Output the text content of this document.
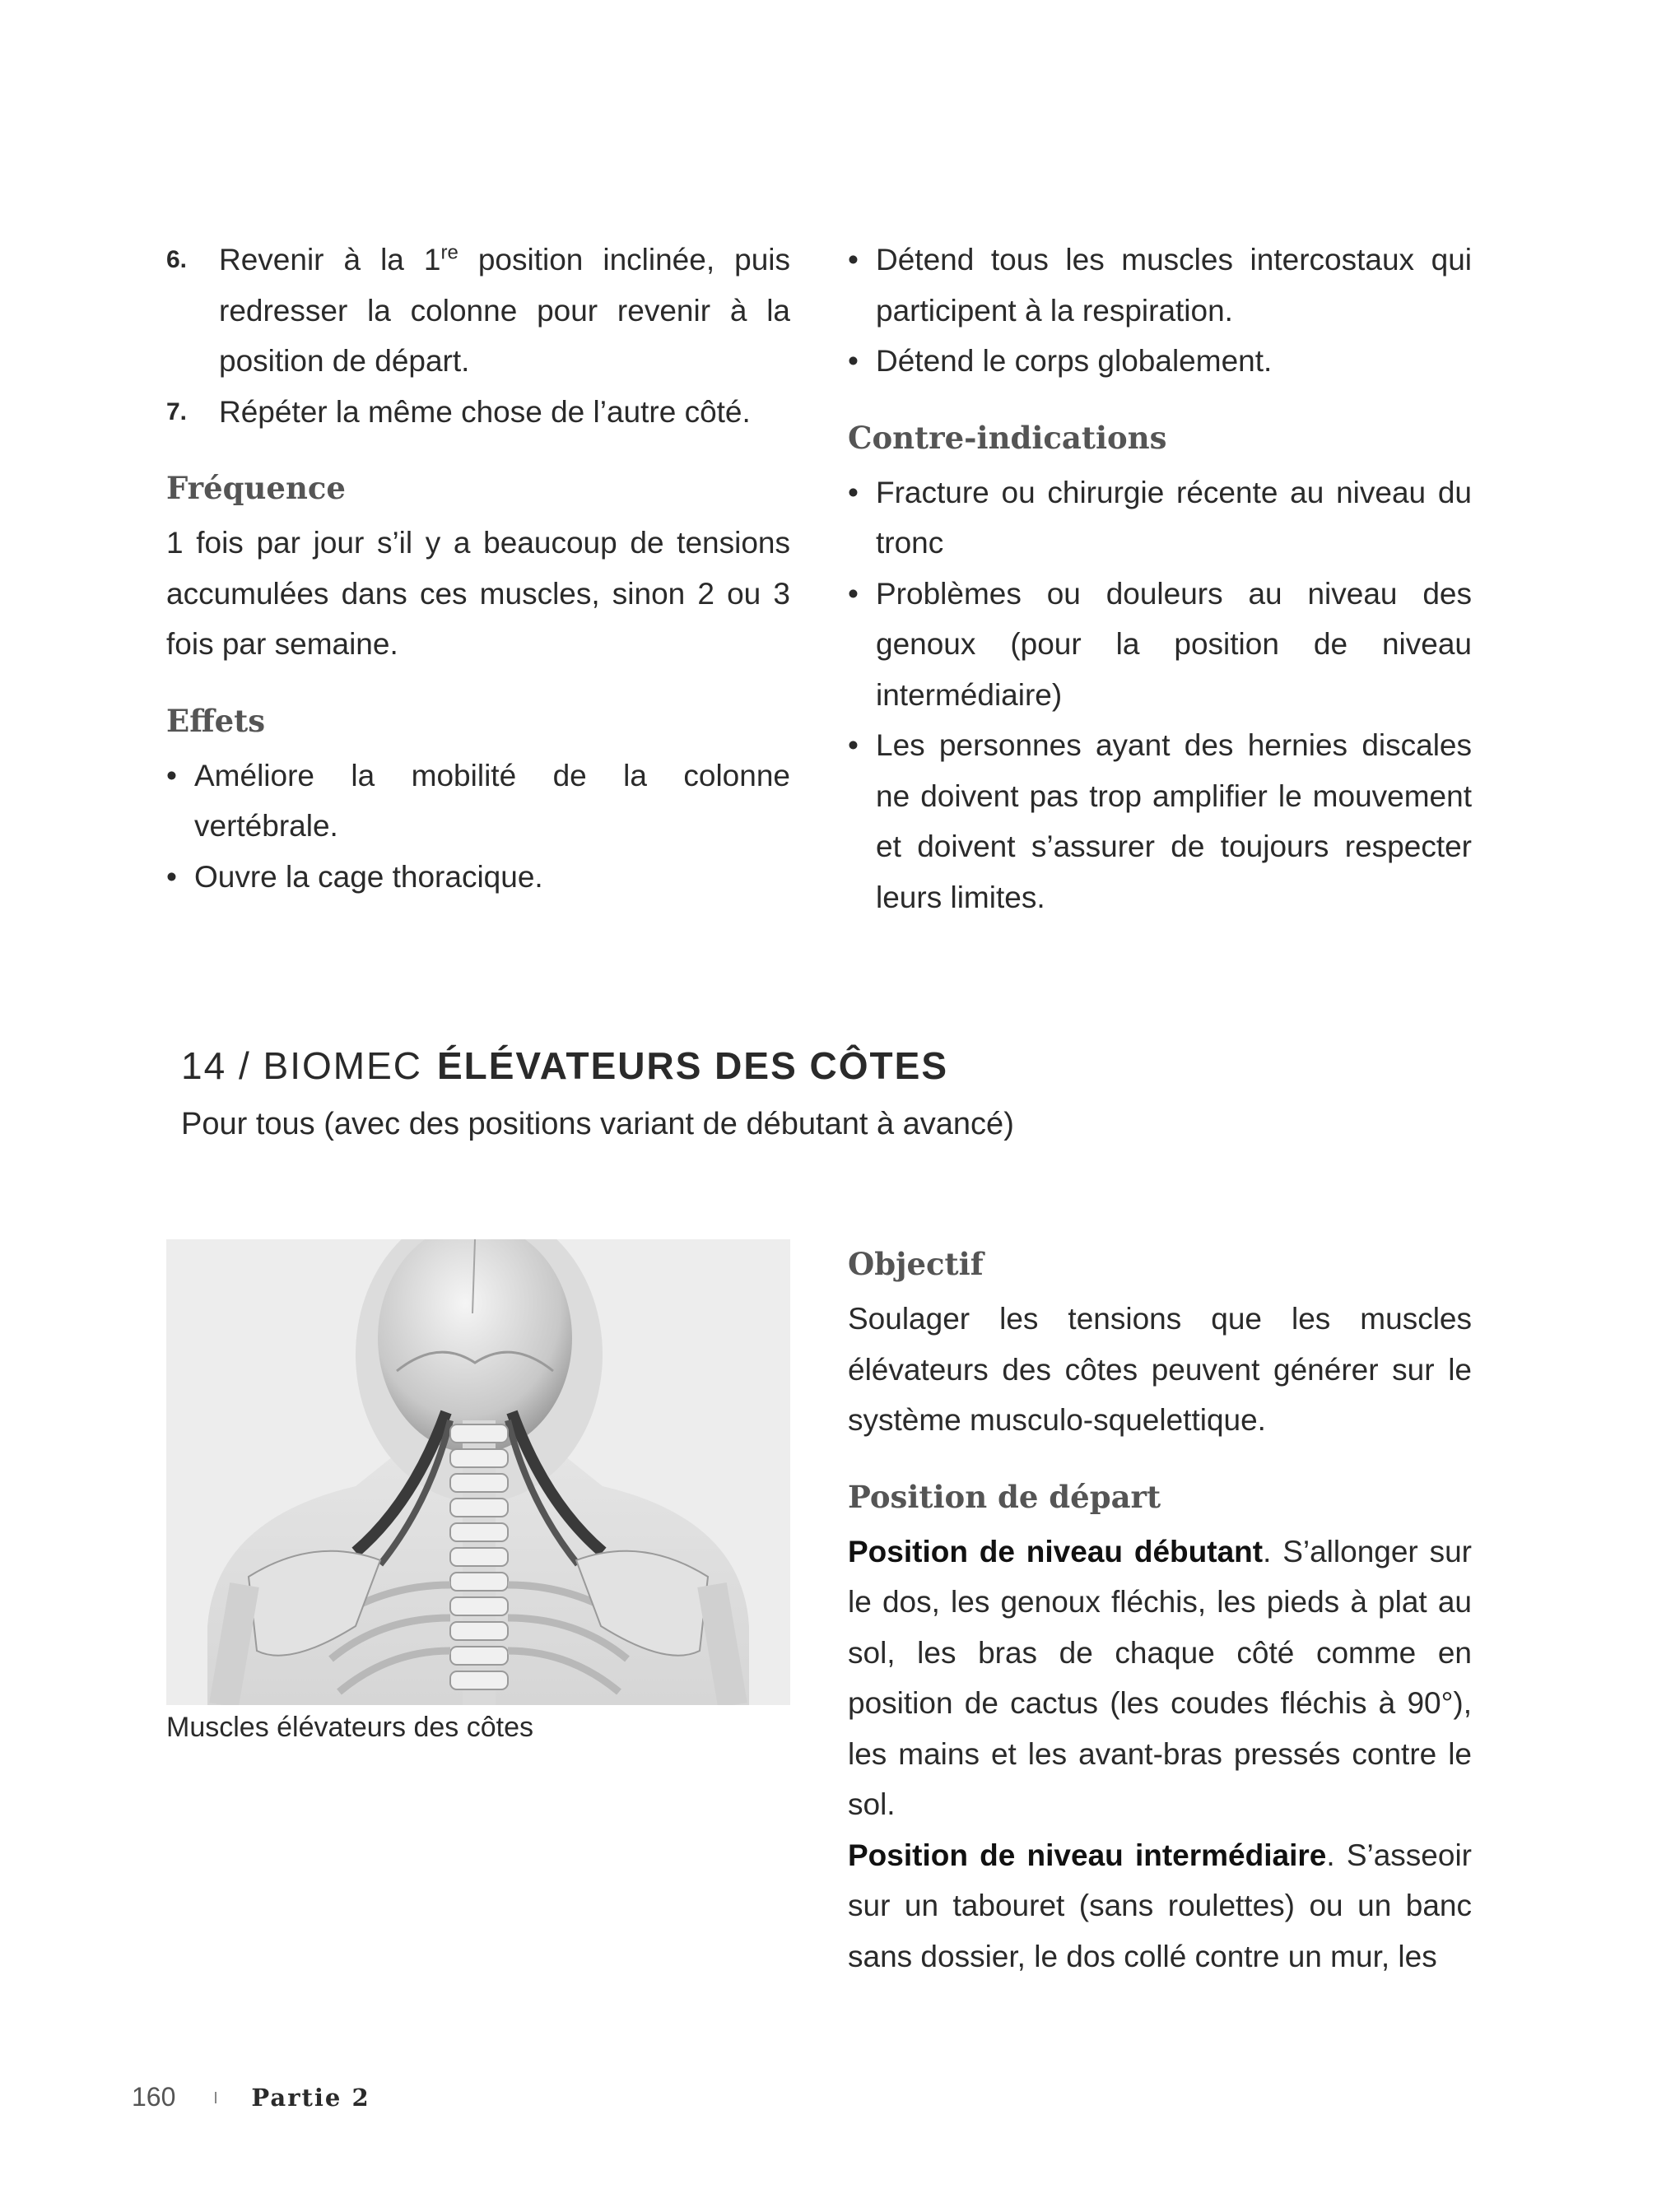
6.	Revenir à la 1re position inclinée, puis redresser la colonne pour revenir à la position de départ.
7.	Répéter la même chose de l’autre côté.
Fréquence

1 fois par jour s’il y a beaucoup de tensions accumulées dans ces muscles, sinon 2 ou 3 fois par semaine.

Effets
• Améliore la mobilité de la colonne vertébrale.
• Ouvre la cage thoracique.
• Détend tous les muscles intercostaux qui participent à la respiration.
• Détend le corps globalement.
Contre-indications
• Fracture ou chirurgie récente au niveau du tronc
• Problèmes ou douleurs au niveau des genoux (pour la position de niveau intermédiaire)
• Les personnes ayant des hernies discales ne doivent pas trop amplifier le mouvement et doivent s’assurer de toujours respecter leurs limites.
14 / BIOMEC ÉLÉVATEURS DES CÔTES
Pour tous (avec des positions variant de débutant à avancé)
Muscles élévateurs des côtes
Objectif

Soulager les tensions que les muscles élévateurs des côtes peuvent générer sur le système musculo-squelettique.

Position de départ

Position de niveau débutant. S’allonger sur le dos, les genoux fléchis, les pieds à plat au sol, les bras de chaque côté comme en position de cactus (les coudes fléchis à 90°), les mains et les avant-bras pressés contre le sol.

Position de niveau intermédiaire. S’asseoir sur un tabouret (sans roulettes) ou un banc sans dossier, le dos collé contre un mur, les

160	Partie 2
